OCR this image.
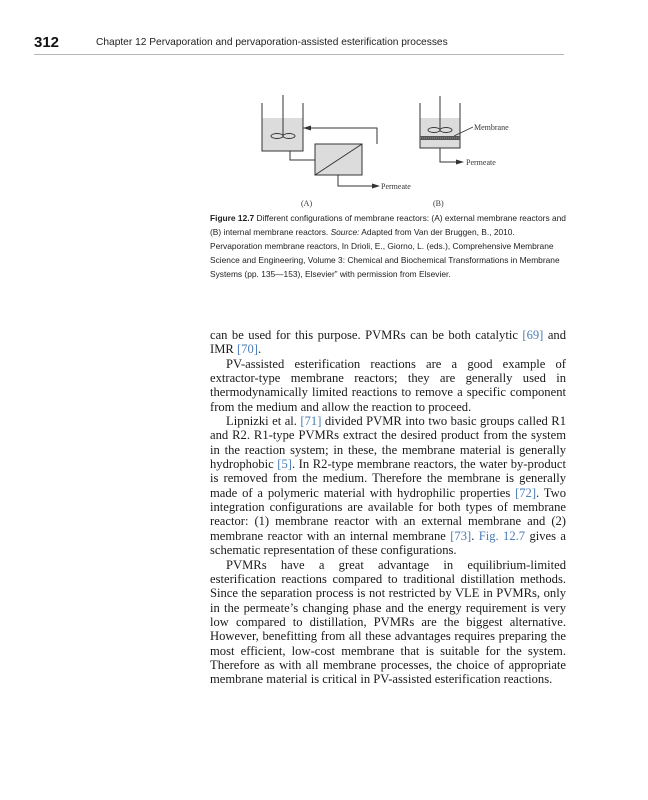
312	Chapter 12 Pervaporation and pervaporation-assisted esterification processes
Permeate
Membrane
Permeate
(A)	(B)
Figure 12.7 Different configurations of membrane reactors: (A) external membrane reactors and (B) internal membrane reactors. Source: Adapted from Van der Bruggen, B., 2010. Pervaporation membrane reactors, In Drioli, E., Giorno, L. (eds.), Comprehensive Membrane Science and Engineering, Volume 3: Chemical and Biochemical Transformations in Membrane Systems (pp. 135—153), Elsevier” with permission from Elsevier.

can be used for this purpose. PVMRs can be both catalytic [69] and IMR [70].

PV-assisted esterification reactions are a good example of extractor-type membrane reactors; they are generally used in thermodynamically limited reactions to remove a specific component from the medium and allow the reaction to proceed.

Lipnizki et al. [71] divided PVMR into two basic groups called R1 and R2. R1-type PVMRs extract the desired product from the system in the reaction system; in these, the membrane material is generally hydrophobic [5]. In R2-type membrane reactors, the water by-product is removed from the medium. Therefore the membrane is generally made of a polymeric material with hydrophilic properties [72]. Two integration configurations are available for both types of membrane reactor: (1) membrane reactor with an external membrane and (2) membrane reactor with an internal membrane [73]. Fig. 12.7 gives a schematic representation of these configurations.

PVMRs have a great advantage in equilibrium-limited esterification reactions compared to traditional distillation methods. Since the separation process is not restricted by VLE in PVMRs, only in the permeate’s changing phase and the energy requirement is very low compared to distillation, PVMRs are the biggest alternative. However, benefitting from all these advantages requires preparing the most efficient, low-cost membrane that is suitable for the system. Therefore as with all membrane processes, the choice of appropriate membrane material is critical in PV-assisted esterification reactions.
